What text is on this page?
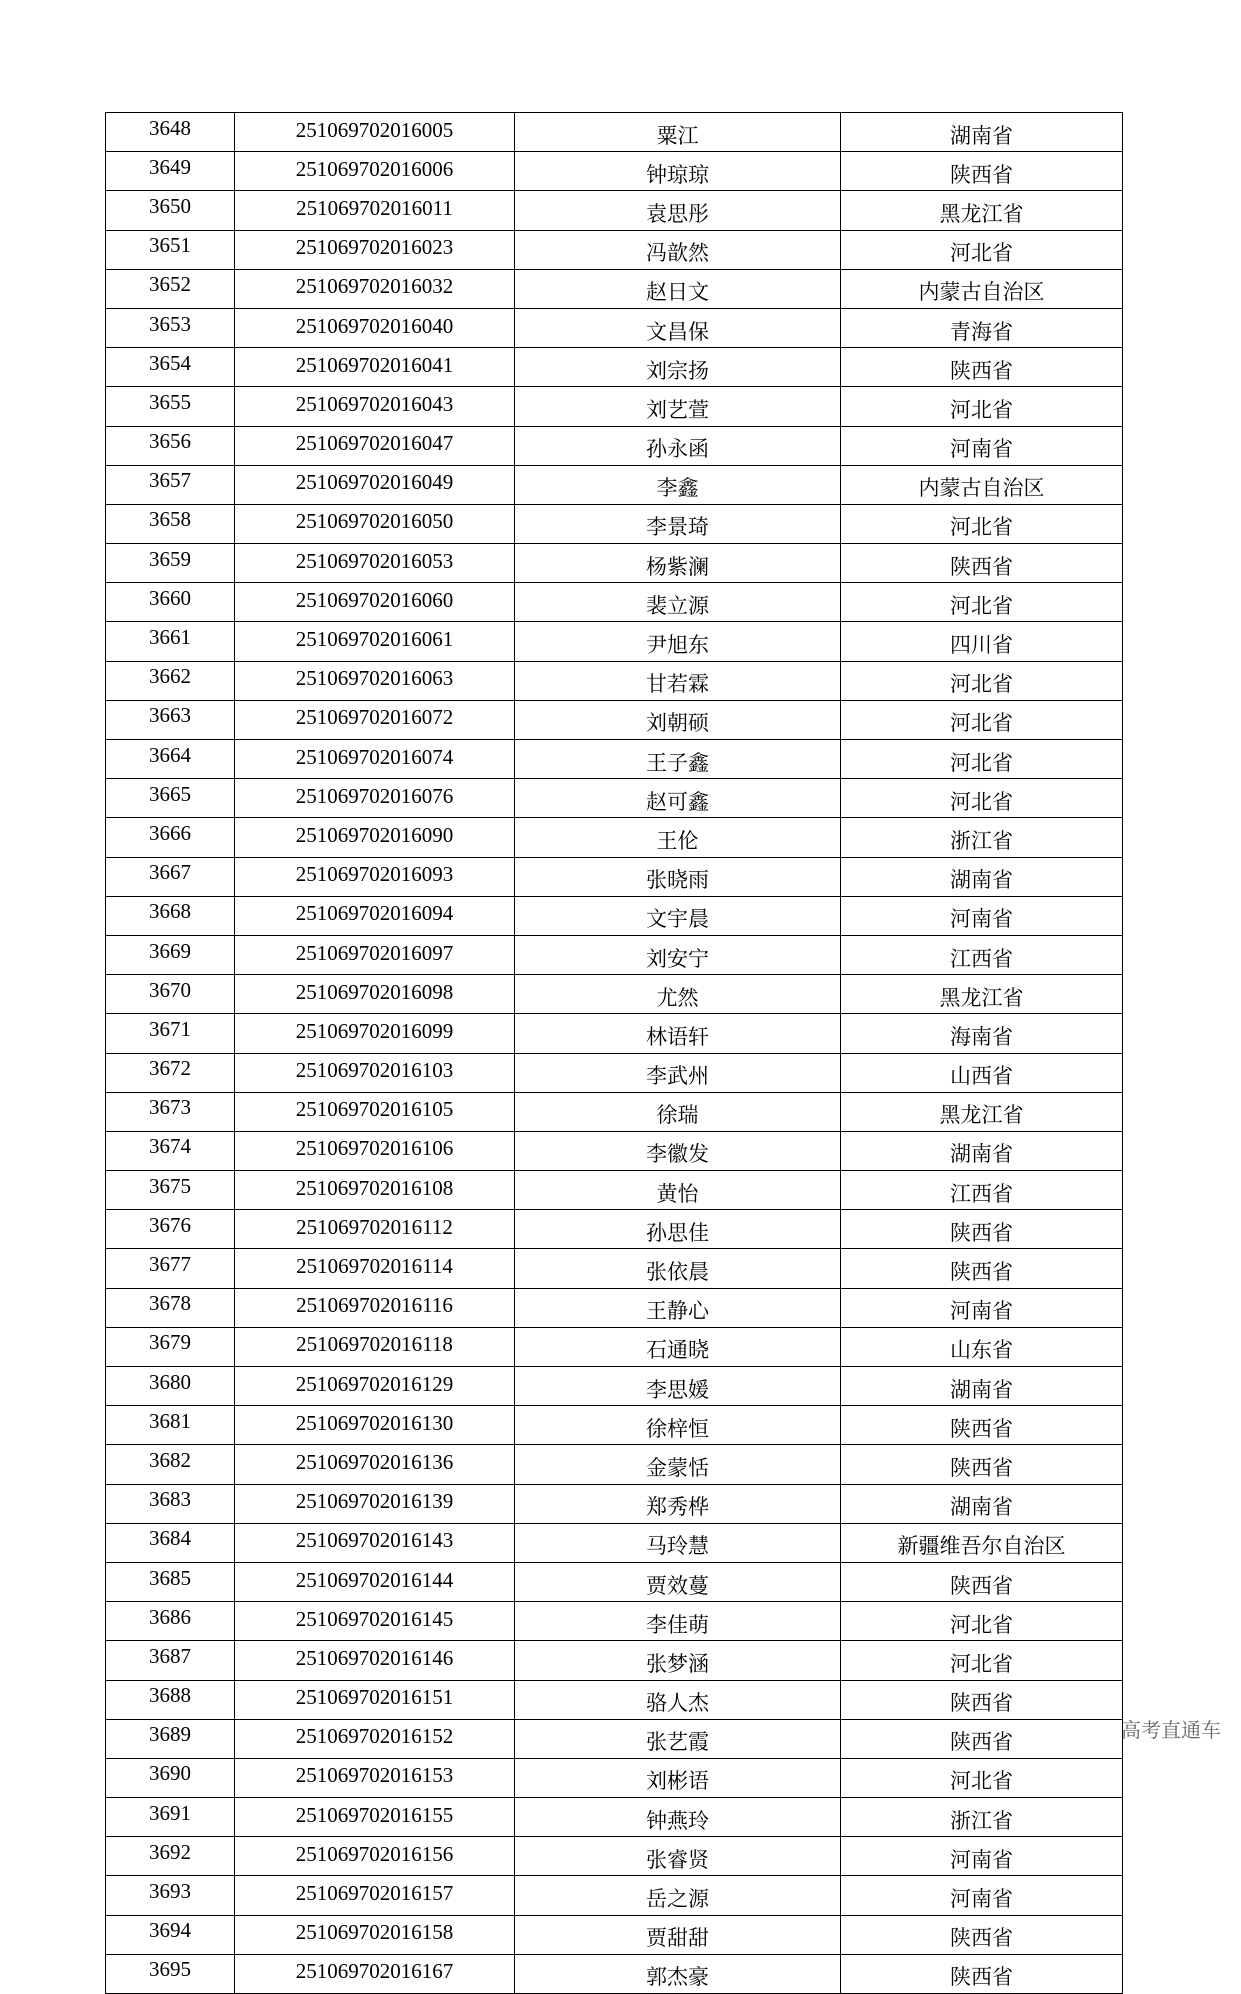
3648	251069702016005	粟江	湖南省
3649	251069702016006	钟琼琼	陕西省
3650	251069702016011	袁思彤	黑龙江省
3651	251069702016023	冯歆然	河北省
3652	251069702016032	赵日文	内蒙古自治区
3653	251069702016040	文昌保	青海省
3654	251069702016041	刘宗扬	陕西省
3655	251069702016043	刘艺萱	河北省
3656	251069702016047	孙永函	河南省
3657	251069702016049	李鑫	内蒙古自治区
3658	251069702016050	李景琦	河北省
3659	251069702016053	杨紫澜	陕西省
3660	251069702016060	裴立源	河北省
3661	251069702016061	尹旭东	四川省
3662	251069702016063	甘若霖	河北省
3663	251069702016072	刘朝硕	河北省
3664	251069702016074	王子鑫	河北省
3665	251069702016076	赵可鑫	河北省
3666	251069702016090	王伦	浙江省
3667	251069702016093	张晓雨	湖南省
3668	251069702016094	文宇晨	河南省
3669	251069702016097	刘安宁	江西省
3670	251069702016098	尤然	黑龙江省
3671	251069702016099	林语轩	海南省
3672	251069702016103	李武州	山西省
3673	251069702016105	徐瑞	黑龙江省
3674	251069702016106	李徽发	湖南省
3675	251069702016108	黄怡	江西省
3676	251069702016112	孙思佳	陕西省
3677	251069702016114	张依晨	陕西省
3678	251069702016116	王静心	河南省
3679	251069702016118	石通晓	山东省
3680	251069702016129	李思媛	湖南省
3681	251069702016130	徐梓恒	陕西省
3682	251069702016136	金蒙恬	陕西省
3683	251069702016139	郑秀桦	湖南省
3684	251069702016143	马玲慧	新疆维吾尔自治区
3685	251069702016144	贾效蔓	陕西省
3686	251069702016145	李佳萌	河北省
3687	251069702016146	张梦涵	河北省
3688	251069702016151	骆人杰	陕西省
3689	251069702016152	张艺霞	陕西省
3690	251069702016153	刘彬语	河北省
3691	251069702016155	钟燕玲	浙江省
3692	251069702016156	张睿贤	河南省
3693	251069702016157	岳之源	河南省
3694	251069702016158	贾甜甜	陕西省
3695	251069702016167	郭杰豪	陕西省
高考直通车
